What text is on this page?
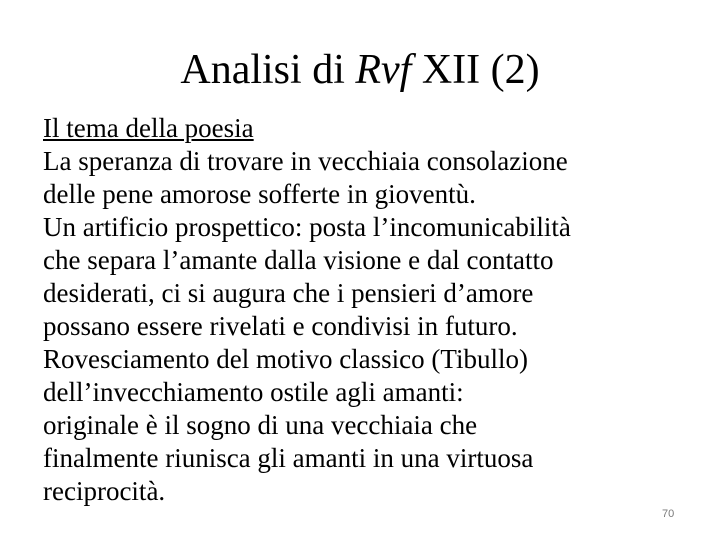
Analisi di Rvf XII (2)
Il tema della poesia
La speranza di trovare in vecchiaia consolazione
delle pene amorose sofferte in gioventù.
Un artificio prospettico: posta l’incomunicabilità
che separa l’amante dalla visione e dal contatto
desiderati, ci si augura che i pensieri d’amore
possano essere rivelati e condivisi in futuro.
Rovesciamento del motivo classico (Tibullo)
dell’invecchiamento ostile agli amanti:
originale è il sogno di una vecchiaia che
finalmente riunisca gli amanti in una virtuosa
reciprocità.
70
